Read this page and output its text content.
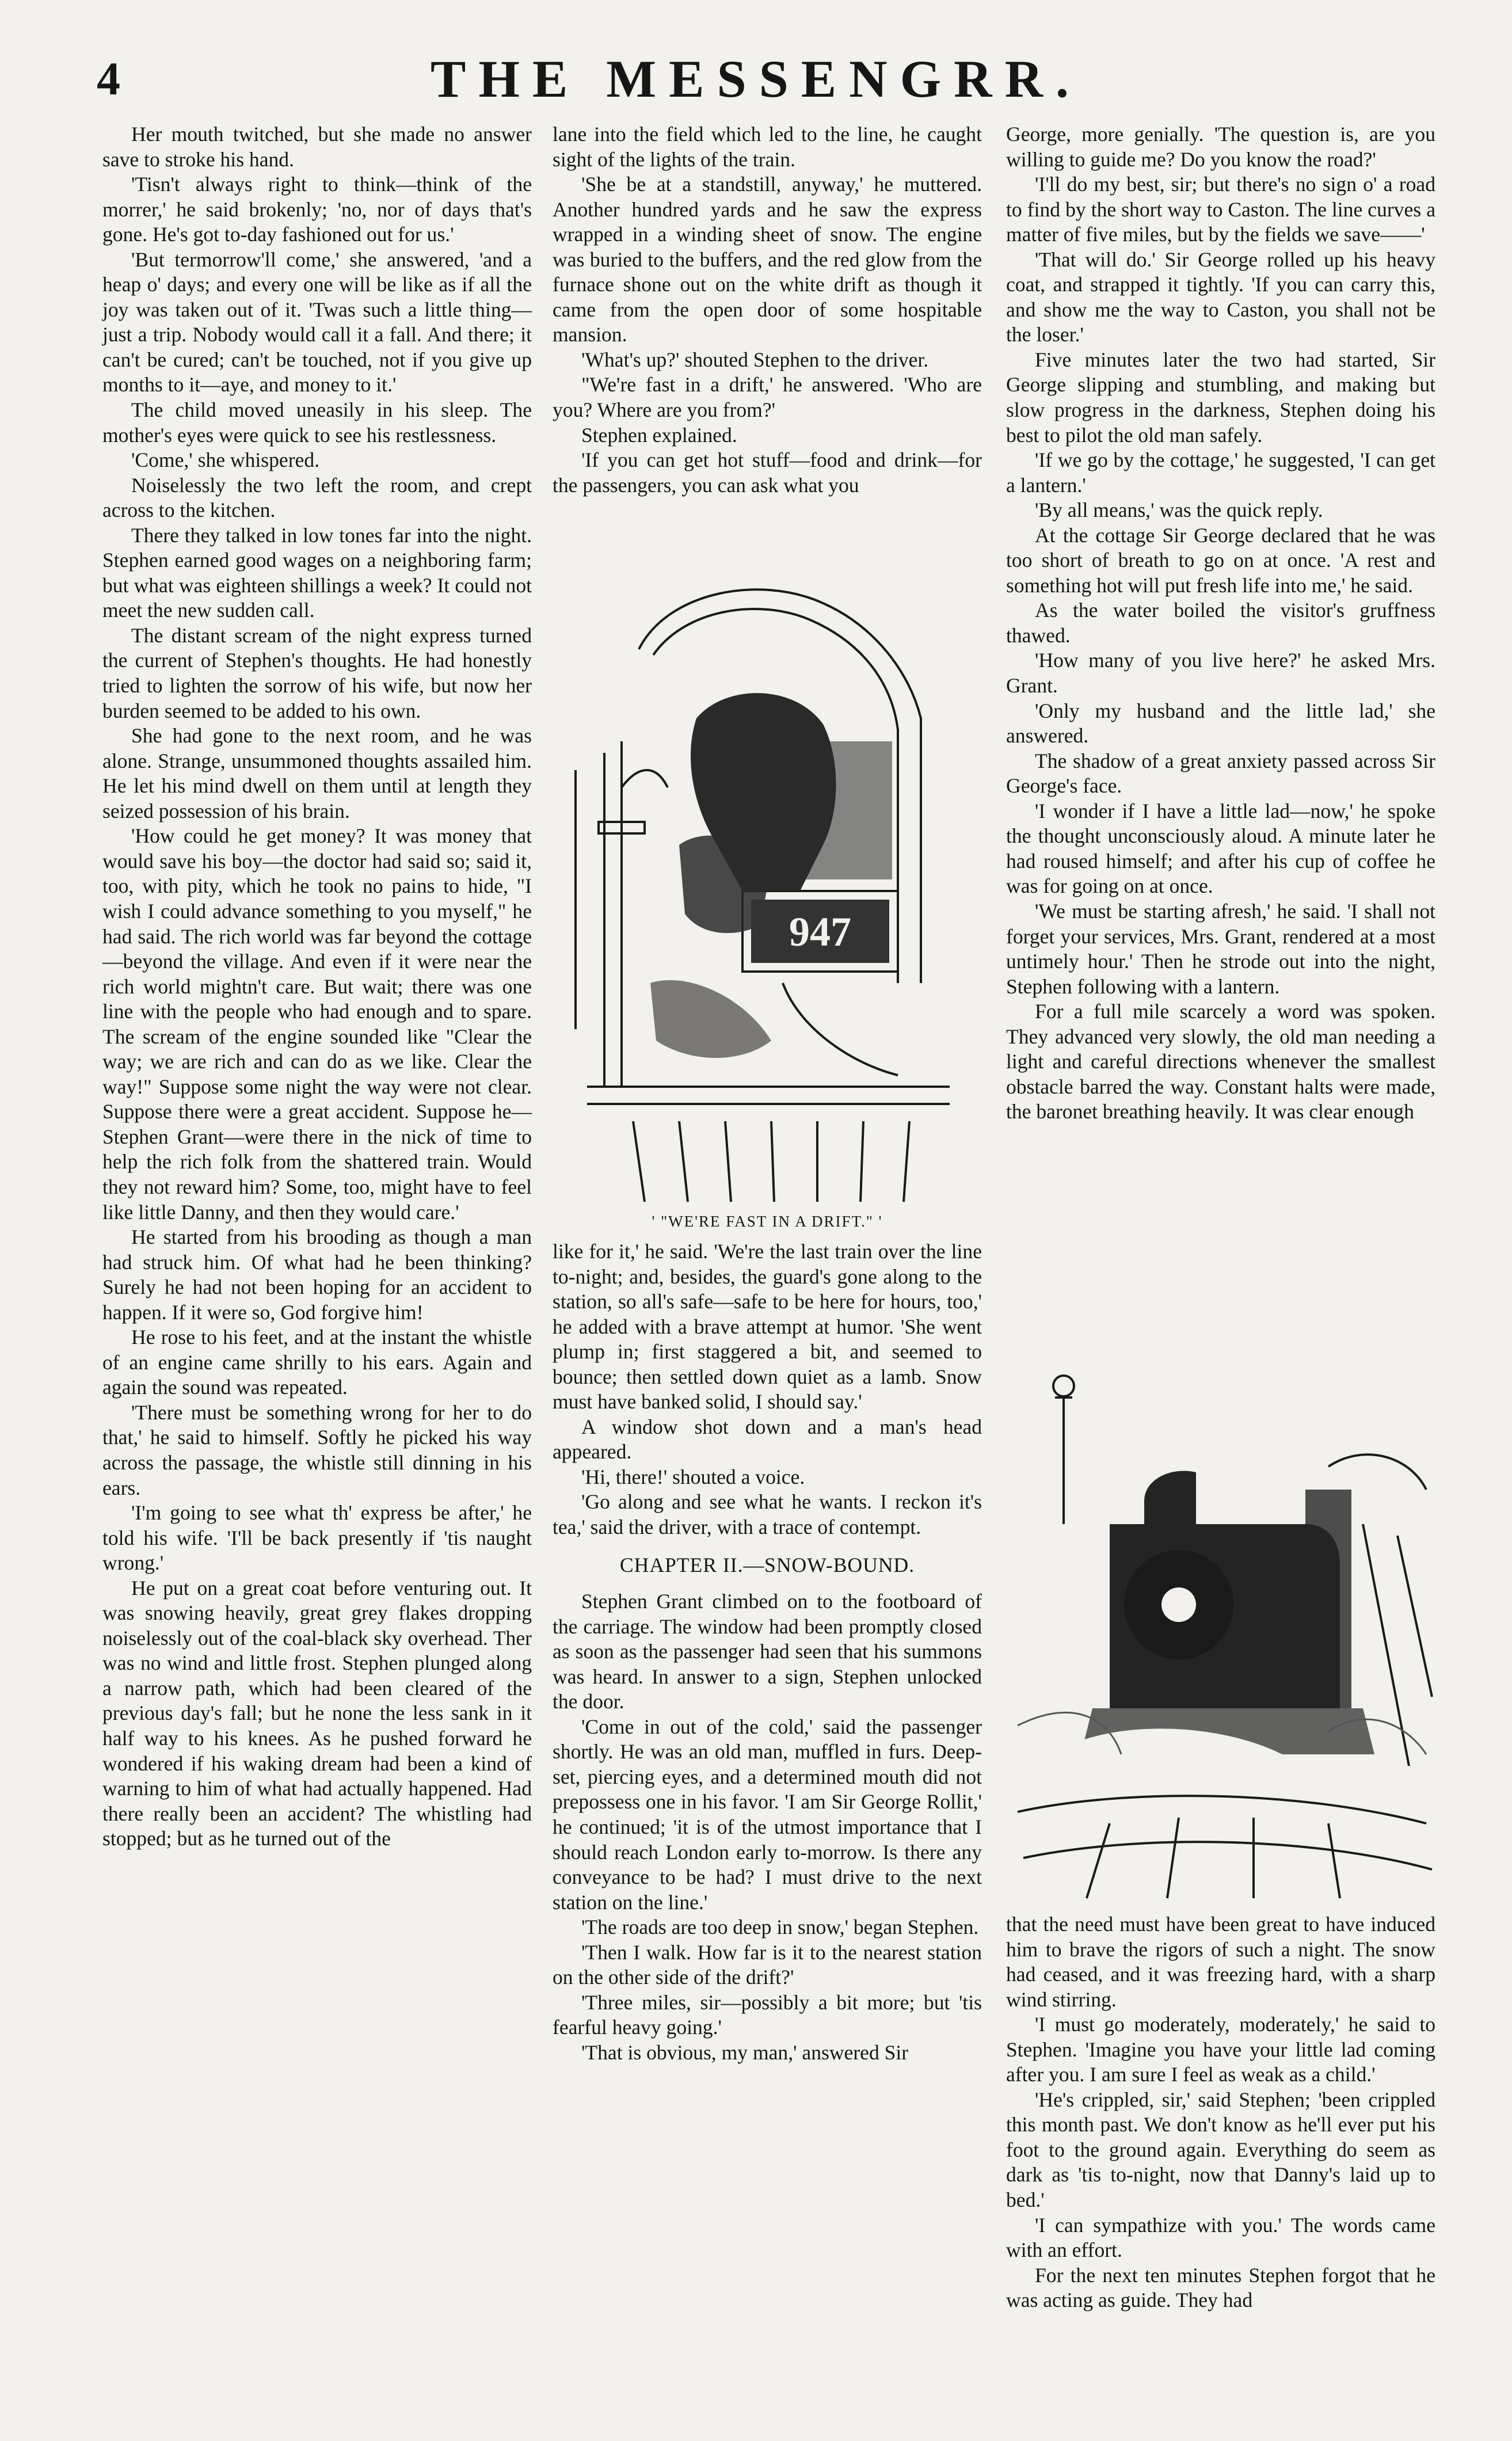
4	THE MESSENGRR.

Her mouth twitched, but she made no answer save to stroke his hand.

'Tisn't always right to think—think of the morrer,' he said brokenly; 'no, nor of days that's gone. He's got to-day fashioned out for us.'

'But termorrow'll come,' she answered, 'and a heap o' days; and every one will be like as if all the joy was taken out of it. 'Twas such a little thing—just a trip. Nobody would call it a fall. And there; it can't be cured; can't be touched, not if you give up months to it—aye, and money to it.'

The child moved uneasily in his sleep. The mother's eyes were quick to see his restlessness.

'Come,' she whispered.

Noiselessly the two left the room, and crept across to the kitchen.

There they talked in low tones far into the night. Stephen earned good wages on a neighboring farm; but what was eighteen shillings a week? It could not meet the new sudden call.

The distant scream of the night express turned the current of Stephen's thoughts. He had honestly tried to lighten the sorrow of his wife, but now her burden seemed to be added to his own.

She had gone to the next room, and he was alone. Strange, unsummoned thoughts assailed him. He let his mind dwell on them until at length they seized possession of his brain.

'How could he get money? It was money that would save his boy—the doctor had said so; said it, too, with pity, which he took no pains to hide, "I wish I could advance something to you myself," he had said. The rich world was far beyond the cottage—beyond the village. And even if it were near the rich world mightn't care. But wait; there was one line with the people who had enough and to spare. The scream of the engine sounded like "Clear the way; we are rich and can do as we like. Clear the way!" Suppose some night the way were not clear. Suppose there were a great accident. Suppose he—Stephen Grant—were there in the nick of time to help the rich folk from the shattered train. Would they not reward him? Some, too, might have to feel like little Danny, and then they would care.'

He started from his brooding as though a man had struck him. Of what had he been thinking? Surely he had not been hoping for an accident to happen. If it were so, God forgive him!

He rose to his feet, and at the instant the whistle of an engine came shrilly to his ears. Again and again the sound was repeated.

'There must be something wrong for her to do that,' he said to himself. Softly he picked his way across the passage, the whistle still dinning in his ears.

'I'm going to see what th' express be after,' he told his wife. 'I'll be back presently if 'tis naught wrong.'

He put on a great coat before venturing out. It was snowing heavily, great grey flakes dropping noiselessly out of the coal-black sky overhead. Ther was no wind and little frost. Stephen plunged along a narrow path, which had been cleared of the previous day's fall; but he none the less sank in it half way to his knees. As he pushed forward he wondered if his waking dream had been a kind of warning to him of what had actually happened. Had there really been an accident? The whistling had stopped; but as he turned out of the

lane into the field which led to the line, he caught sight of the lights of the train.

'She be at a standstill, anyway,' he muttered. Another hundred yards and he saw the express wrapped in a winding sheet of snow. The engine was buried to the buffers, and the red glow from the furnace shone out on the white drift as though it came from the open door of some hospitable mansion.

'What's up?' shouted Stephen to the driver.

"We're fast in a drift,' he answered. 'Who are you? Where are you from?'

Stephen explained.

'If you can get hot stuff—food and drink—for the passengers, you can ask what you

947
' "WE'RE FAST IN A DRIFT." '

like for it,' he said. 'We're the last train over the line to-night; and, besides, the guard's gone along to the station, so all's safe—safe to be here for hours, too,' he added with a brave attempt at humor. 'She went plump in; first staggered a bit, and seemed to bounce; then settled down quiet as a lamb. Snow must have banked solid, I should say.'

A window shot down and a man's head appeared.

'Hi, there!' shouted a voice.

'Go along and see what he wants. I reckon it's tea,' said the driver, with a trace of contempt.

CHAPTER II.—SNOW-BOUND.

Stephen Grant climbed on to the footboard of the carriage. The window had been promptly closed as soon as the passenger had seen that his summons was heard. In answer to a sign, Stephen unlocked the door.

'Come in out of the cold,' said the passenger shortly. He was an old man, muffled in furs. Deep-set, piercing eyes, and a determined mouth did not prepossess one in his favor. 'I am Sir George Rollit,' he continued; 'it is of the utmost importance that I should reach London early to-morrow. Is there any conveyance to be had? I must drive to the next station on the line.'

'The roads are too deep in snow,' began Stephen.

'Then I walk. How far is it to the nearest station on the other side of the drift?'

'Three miles, sir—possibly a bit more; but 'tis fearful heavy going.'

'That is obvious, my man,' answered Sir

George, more genially. 'The question is, are you willing to guide me? Do you know the road?'

'I'll do my best, sir; but there's no sign o' a road to find by the short way to Caston. The line curves a matter of five miles, but by the fields we save——'

'That will do.' Sir George rolled up his heavy coat, and strapped it tightly. 'If you can carry this, and show me the way to Caston, you shall not be the loser.'

Five minutes later the two had started, Sir George slipping and stumbling, and making but slow progress in the darkness, Stephen doing his best to pilot the old man safely.

'If we go by the cottage,' he suggested, 'I can get a lantern.'

'By all means,' was the quick reply.

At the cottage Sir George declared that he was too short of breath to go on at once. 'A rest and something hot will put fresh life into me,' he said.

As the water boiled the visitor's gruffness thawed.

'How many of you live here?' he asked Mrs. Grant.

'Only my husband and the little lad,' she answered.

The shadow of a great anxiety passed across Sir George's face.

'I wonder if I have a little lad—now,' he spoke the thought unconsciously aloud. A minute later he had roused himself; and after his cup of coffee he was for going on at once.

'We must be starting afresh,' he said. 'I shall not forget your services, Mrs. Grant, rendered at a most untimely hour.' Then he strode out into the night, Stephen following with a lantern.

For a full mile scarcely a word was spoken. They advanced very slowly, the old man needing a light and careful directions whenever the smallest obstacle barred the way. Constant halts were made, the baronet breathing heavily. It was clear enough

that the need must have been great to have induced him to brave the rigors of such a night. The snow had ceased, and it was freezing hard, with a sharp wind stirring.

'I must go moderately, moderately,' he said to Stephen. 'Imagine you have your little lad coming after you. I am sure I feel as weak as a child.'

'He's crippled, sir,' said Stephen; 'been crippled this month past. We don't know as he'll ever put his foot to the ground again. Everything do seem as dark as 'tis to-night, now that Danny's laid up to bed.'

'I can sympathize with you.' The words came with an effort.

For the next ten minutes Stephen forgot that he was acting as guide. They had
